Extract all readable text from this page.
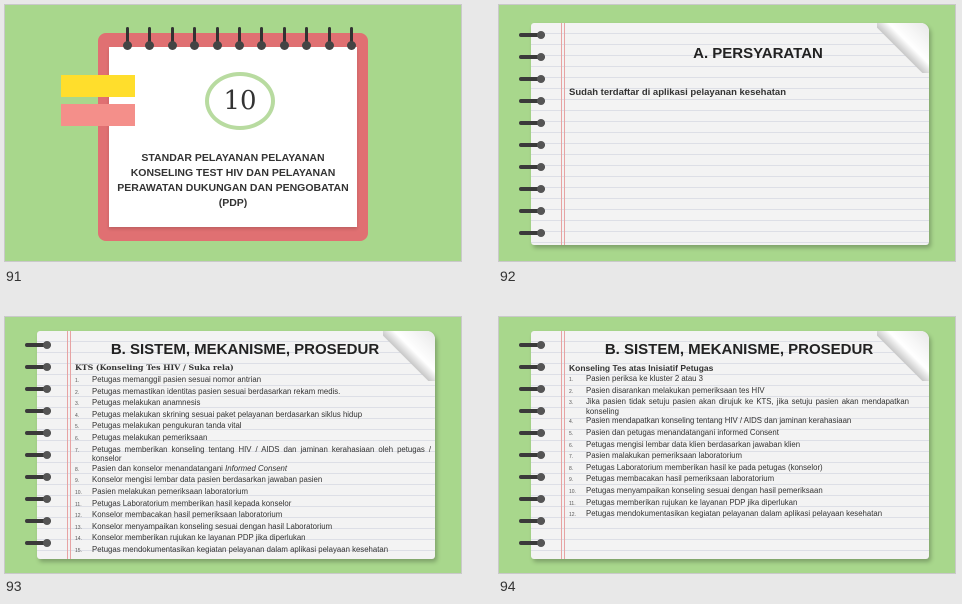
10
STANDAR PELAYANAN PELAYANAN KONSELING TEST HIV DAN PELAYANAN PERAWATAN DUKUNGAN DAN PENGOBATAN (PDP)
91
A. PERSYARATAN
Sudah terdaftar di aplikasi pelayanan kesehatan
92
B. SISTEM, MEKANISME, PROSEDUR
KTS (Konseling Tes HIV / Suka rela)
1.	Petugas memanggil pasien sesuai nomor antrian
2.	Petugas memastikan identitas pasien sesuai berdasarkan rekam medis.
3.	Petugas melakukan anamnesis
4.	Petugas melakukan skrining sesuai paket pelayanan berdasarkan siklus hidup
5.	Petugas melakukan pengukuran tanda vital
6.	Petugas melakukan pemeriksaan
7.	Petugas memberikan konseling tentang HIV / AIDS dan jaminan kerahasiaan oleh petugas / konselor
8.	Pasien dan konselor menandatangani Informed Consent
9.	Konselor mengisi lembar data pasien berdasarkan jawaban pasien
10.	Pasien melakukan pemeriksaan laboratorium
11.	Petugas Laboratorium memberikan hasil kepada konselor
12.	Konselor membacakan hasil pemeriksaan laboratorium
13.	Konselor menyampaikan konseling sesuai dengan hasil Laboratorium
14.	Konselor memberikan rujukan ke layanan PDP jika diperlukan
15.	Petugas mendokumentasikan kegiatan pelayanan dalam aplikasi pelayaan kesehatan
93
B. SISTEM, MEKANISME, PROSEDUR
Konseling Tes atas Inisiatif Petugas
1.	Pasien periksa ke kluster 2 atau 3
2.	Pasien disarankan melakukan pemeriksaan tes HIV
3.	Jika pasien tidak setuju pasien akan dirujuk ke KTS, jika setuju pasien akan mendapatkan konseling
4.	Pasien mendapatkan konseling tentang HIV / AIDS dan jaminan kerahasiaan
5.	Pasien dan petugas menandatangani informed Consent
6.	Petugas mengisi lembar data klien berdasarkan jawaban klien
7.	Pasien malakukan pemeriksaan laboratorium
8.	Petugas Laboratorium memberikan hasil ke pada petugas (konselor)
9.	Petugas membacakan hasil pemeriksaan laboratorium
10.	Petugas menyampaikan konseling sesuai dengan hasil pemeriksaan
11.	Petugas memberikan rujukan ke layanan PDP jika diperlukan
12.	Petugas mendokumentasikan kegiatan pelayanan dalam aplikasi pelayaan kesehatan
94
